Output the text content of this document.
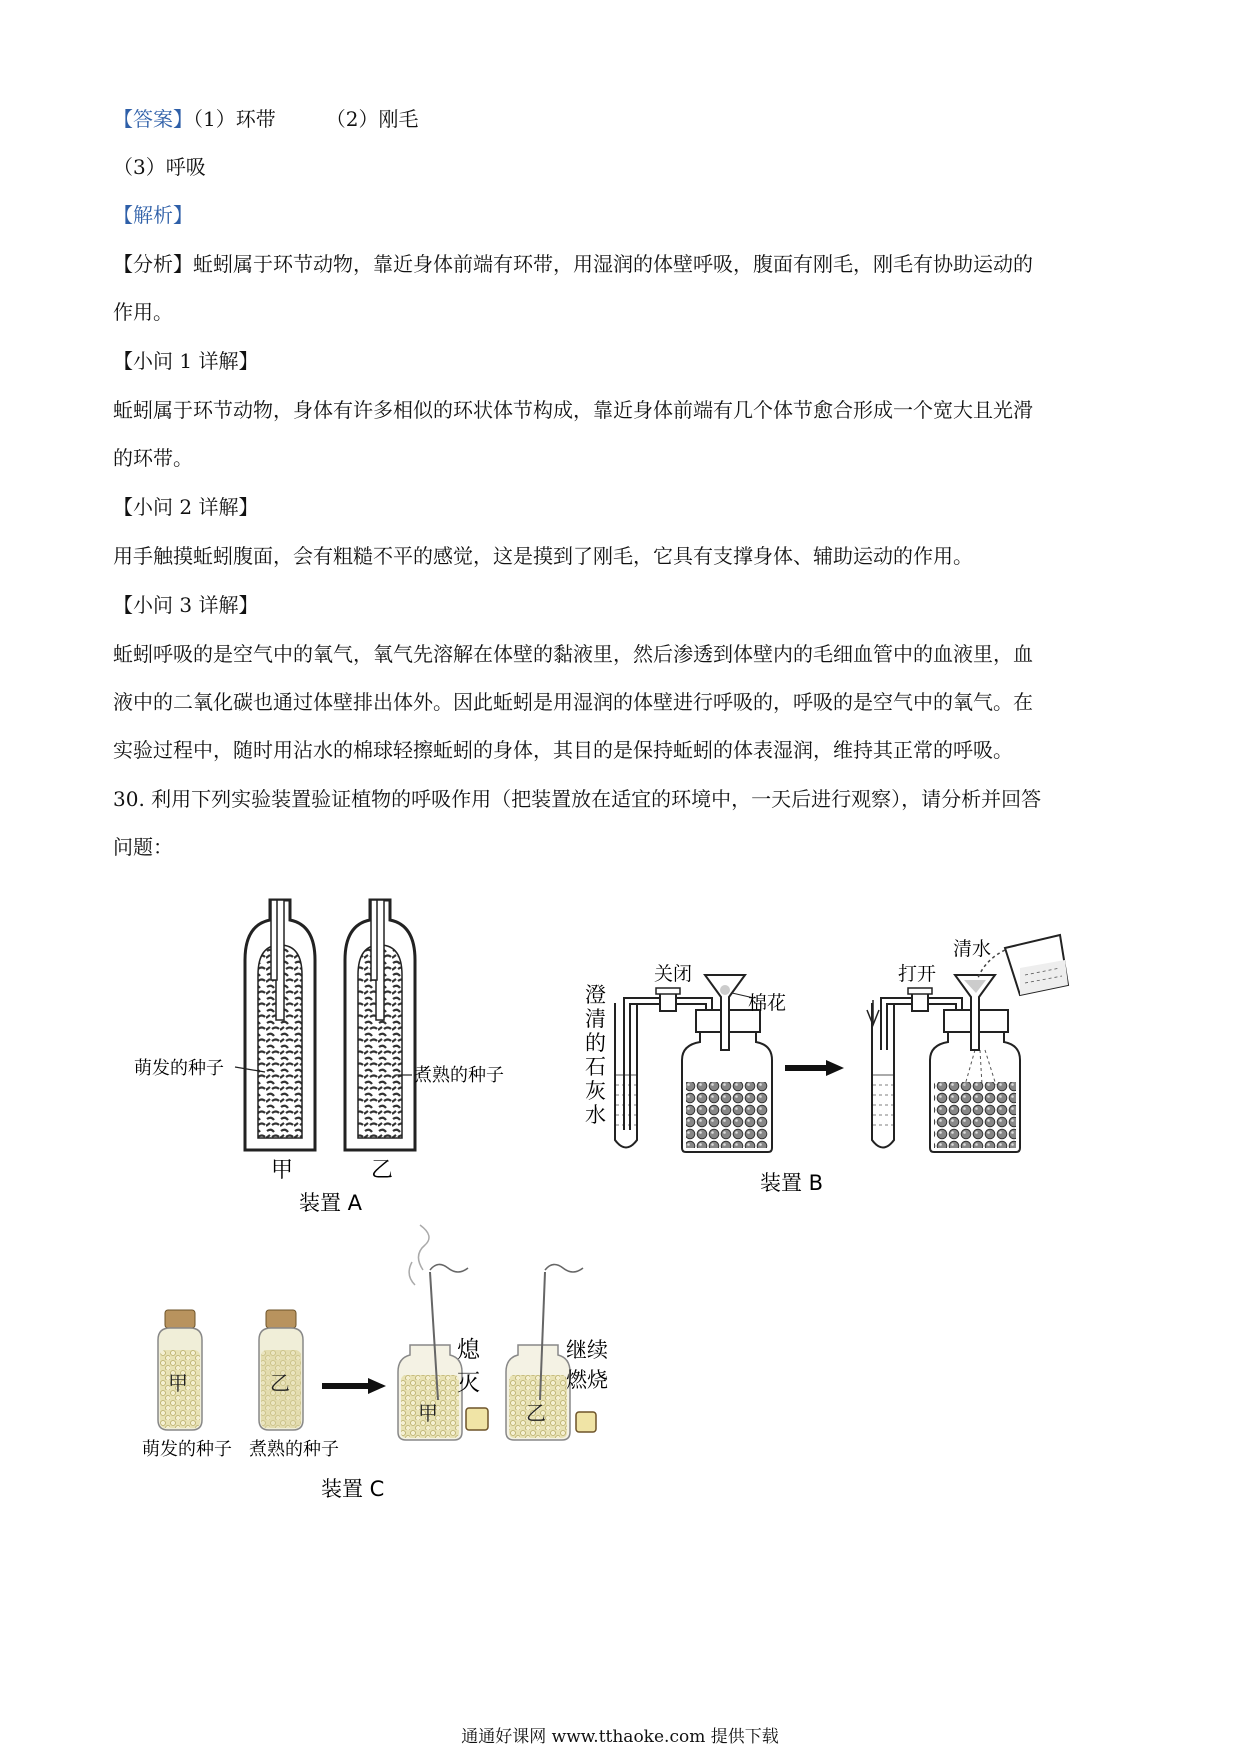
【答案】（1）环带	（2）刚毛
（3）呼吸
【解析】
【分析】蚯蚓属于环节动物，靠近身体前端有环带，用湿润的体壁呼吸，腹面有刚毛，刚毛有协助运动的
作用。
【小问 1 详解】
蚯蚓属于环节动物，身体有许多相似的环状体节构成，靠近身体前端有几个体节愈合形成一个宽大且光滑
的环带。
【小问 2 详解】
用手触摸蚯蚓腹面，会有粗糙不平的感觉，这是摸到了刚毛，它具有支撑身体、辅助运动的作用。
【小问 3 详解】
蚯蚓呼吸的是空气中的氧气，氧气先溶解在体壁的黏液里，然后渗透到体壁内的毛细血管中的血液里，血
液中的二氧化碳也通过体壁排出体外。因此蚯蚓是用湿润的体壁进行呼吸的，呼吸的是空气中的氧气。在
实验过程中，随时用沾水的棉球轻擦蚯蚓的身体，其目的是保持蚯蚓的体表湿润，维持其正常的呼吸。
30. 利用下列实验装置验证植物的呼吸作用（把装置放在适宜的环境中，一天后进行观察），请分析并回答
问题：
萌发的种子	煮熟的种子
甲	乙
装置 A
澄
清
的
石
灰
水
关闭
棉花
打开
清水
装置 B
甲	乙
萌发的种子 煮熟的种子
装置 C
甲
熄
灭
乙
继续
燃烧
通通好课网 www.tthaoke.com 提供下载
